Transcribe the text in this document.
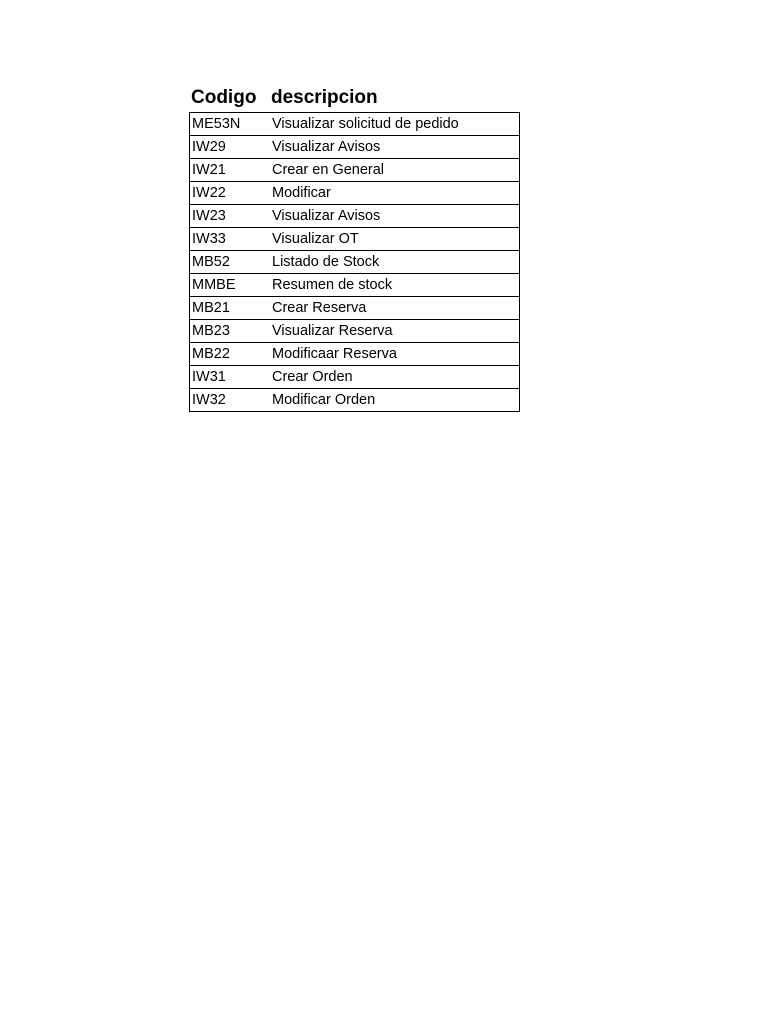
Codigo descripcion
ME53N	Visualizar solicitud de pedido
IW29	Visualizar Avisos
IW21	Crear en General
IW22	Modificar
IW23	Visualizar Avisos
IW33	Visualizar OT
MB52	Listado de Stock
MMBE	Resumen de stock
MB21	Crear Reserva
MB23	Visualizar Reserva
MB22	Modificaar Reserva
IW31	Crear Orden
IW32	Modificar Orden
